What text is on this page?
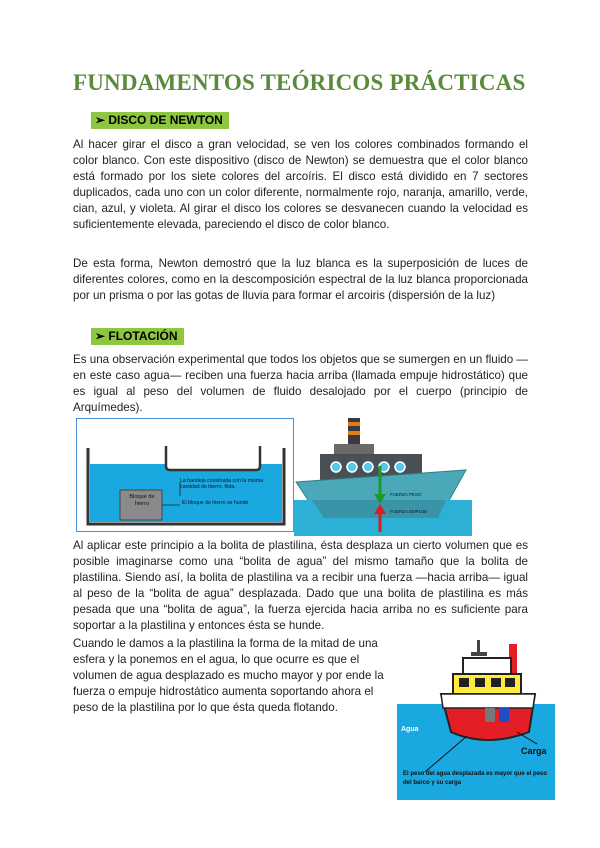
FUNDAMENTOS TEÓRICOS PRÁCTICAS
➢ DISCO DE NEWTON

Al hacer girar el disco a gran velocidad, se ven los colores combinados formando el color blanco. Con este dispositivo (disco de Newton) se demuestra que el color blanco está formado por los siete colores del arcoíris. El disco está dividido en 7 sectores duplicados, cada uno con un color diferente, normalmente rojo, naranja, amarillo, verde, cian, azul, y violeta. Al girar el disco los colores se desvanecen cuando la velocidad es suficientemente elevada, pareciendo el disco de color blanco.

De esta forma, Newton demostró que la luz blanca es la superposición de luces de diferentes colores, como en la descomposición espectral de la luz blanca proporcionada por un prisma o por las gotas de lluvia para formar el arcoiris (dispersión de la luz)

➢ FLOTACIÓN

Es una observación experimental que todos los objetos que se sumergen en un fluido — en este caso agua— reciben una fuerza hacia arriba (llamada empuje hidrostático) que es igual al peso del volumen de fluido desalojado por el cuerpo (principio de Arquímedes).

La bandeja construida con la misma cantidad de hierro, flota.
Bloque de hierro	El bloque de hierro se hunde
FUERZA PESO
FUERZA EMPUJE

Al aplicar este principio a la bolita de plastilina, ésta desplaza un cierto volumen que es posible imaginarse como una “bolita de agua” del mismo tamaño que la bolita de plastilina. Siendo así, la bolita de plastilina va a recibir una fuerza —hacia arriba— igual al peso de la “bolita de agua” desplazada. Dado que una bolita de plastilina es más pesada que una “bolita de agua”, la fuerza ejercida hacia arriba no es suficiente para soportar a la plastilina y entonces ésta se hunde.

Cuando le damos a la plastilina la forma de la mitad de una esfera y la ponemos en el agua, lo que ocurre es que el volumen de agua desplazado es mucho mayor y por ende la fuerza o empuje hidrostático aumenta soportando ahora el peso de la plastilina por lo que ésta queda flotando.

Agua
Carga
El peso del agua desplazada es mayor que el peso del barco y su carga
